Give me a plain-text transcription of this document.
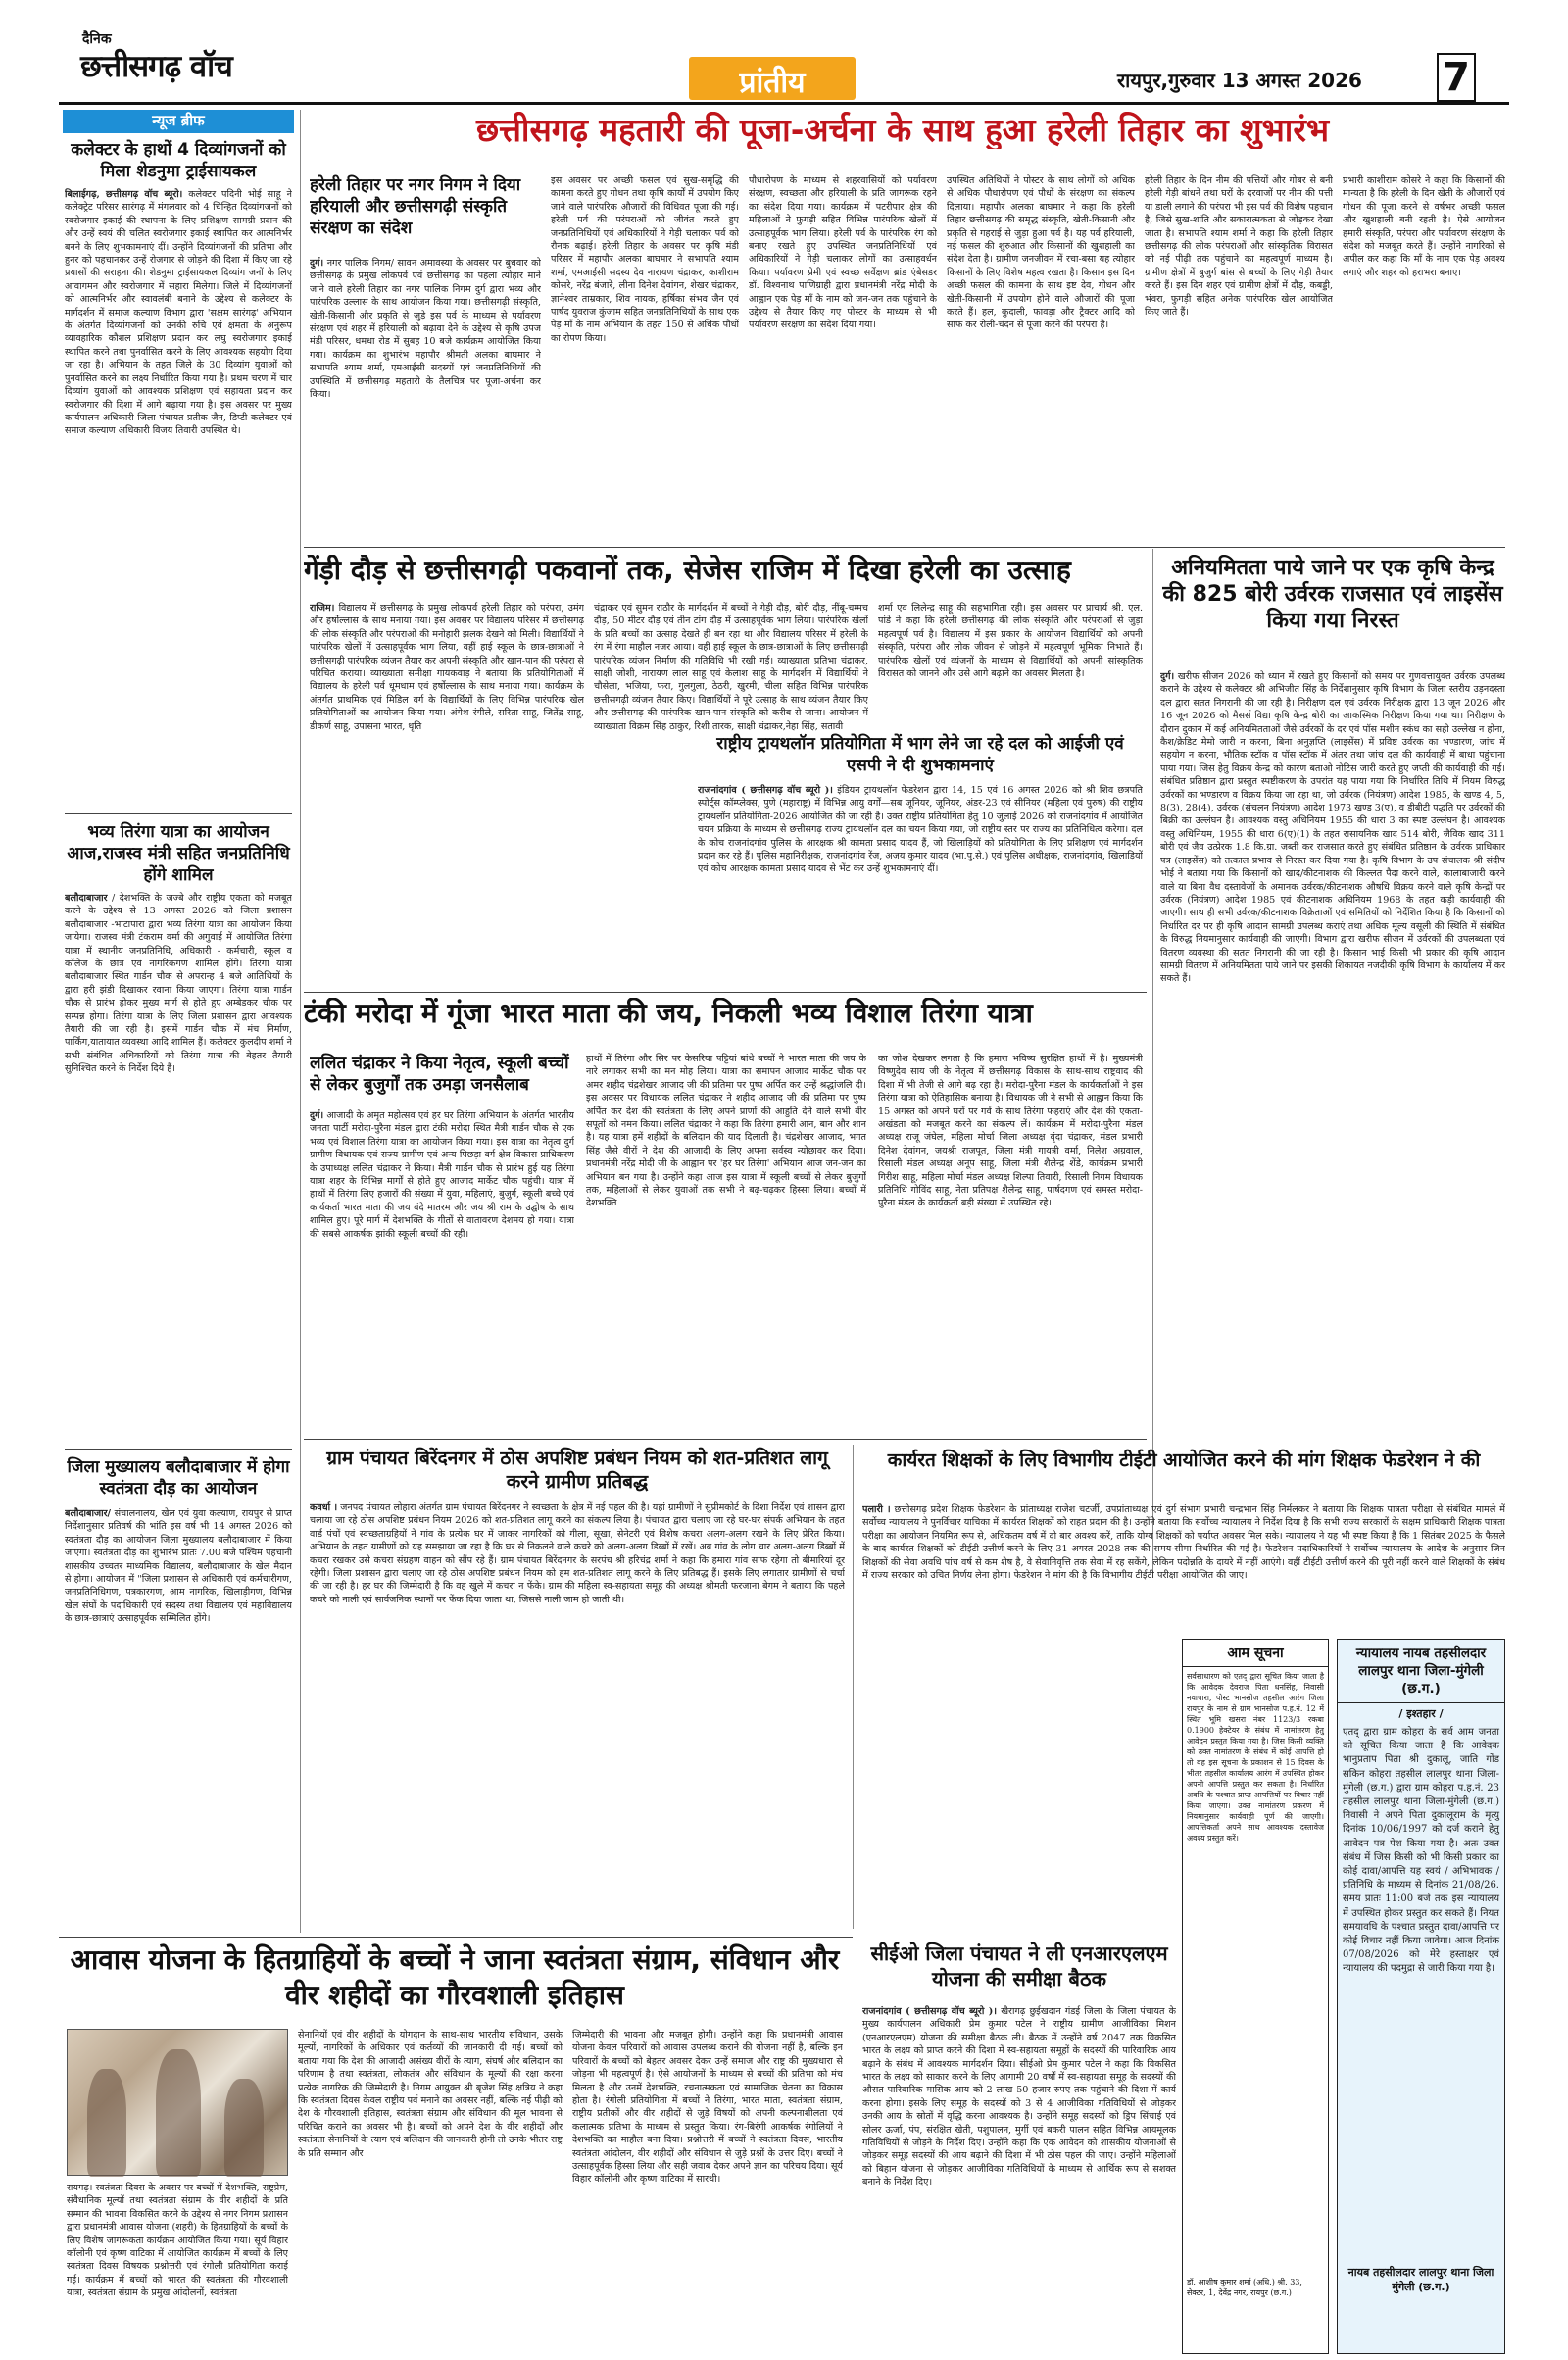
दैनिक
छत्तीसगढ़ वॉच	प्रांतीय	रायपुर,गुरुवार 13 अगस्त 2026 7
न्यूज ब्रीफ
कलेक्टर के हाथों 4 दिव्यांगजनों को मिला शेडनुमा ट्राईसायकल
बिलाईगढ़, छत्तीसगढ़ वॉच ब्यूरो। कलेक्टर पदिनी भोई साहू ने कलेक्ट्रेट परिसर सारंगढ़ में मंगलवार को 4 चिन्हित दिव्यांगजनों को स्वरोजगार इकाई की स्थापना के लिए प्रशिक्षण सामग्री प्रदान की और उन्हें स्वयं की चलित स्वरोजगार इकाई स्थापित कर आत्मनिर्भर बनने के लिए शुभकामनाएं दीं। उन्होंने दिव्यांगजनों की प्रतिभा और हुनर को पहचानकर उन्हें रोजगार से जोड़ने की दिशा में किए जा रहे प्रयासों की सराहना की। शेडनुमा ट्राईसायकल दिव्यांग जनों के लिए आवागमन और स्वरोजगार में सहारा मिलेगा। जिले में दिव्यांगजनों को आत्मनिर्भर और स्वावलंबी बनाने के उद्देश्य से कलेक्टर के मार्गदर्शन में समाज कल्याण विभाग द्वारा 'सक्षम सारंगढ़' अभियान के अंतर्गत दिव्यांगजनों को उनकी रुचि एवं क्षमता के अनुरूप व्यावहारिक कौशल प्रशिक्षण प्रदान कर लघु स्वरोजगार इकाई स्थापित करने तथा पुनर्वासित करने के लिए आवश्यक सहयोग दिया जा रहा है। अभियान के तहत जिले के 30 दिव्यांग युवाओं को पुनर्वासित करने का लक्ष्य निर्धारित किया गया है। प्रथम चरण में चार दिव्यांग युवाओं को आवश्यक प्रशिक्षण एवं सहायता प्रदान कर स्वरोजगार की दिशा में आगे बढ़ाया गया है। इस अवसर पर मुख्य कार्यपालन अधिकारी जिला पंचायत प्रतीक जैन, डिप्टी कलेक्टर एवं समाज कल्याण अधिकारी विजय तिवारी उपस्थित थे।
भव्य तिरंगा यात्रा का आयोजन आज,राजस्व मंत्री सहित जनप्रतिनिधि होंगे शामिल
बलौदाबाजार / देशभक्ति के जज्बे और राष्ट्रीय एकता को मजबूत करने के उद्देश्य से 13 अगस्त 2026 को जिला प्रशासन बलौदाबाजार -भाटापारा द्वारा भव्य तिरंगा यात्रा का आयोजन किया जायेगा। राजस्व मंत्री टंकराम वर्मा की अगुवाई में आयोजित तिरंगा यात्रा में स्थानीय जनप्रतिनिधि, अधिकारी - कर्मचारी, स्कूल व कॉलेज के छात्र एवं नागरिकगण शामिल होंगे। तिरंगा यात्रा बलौदाबाजार स्थित गार्डन चौक से अपरान्ह 4 बजे आतिथियों के द्वारा हरी झंडी दिखाकर रवाना किया जाएगा। तिरंगा यात्रा गार्डन चौक से प्रारंभ होकर मुख्य मार्ग से होते हुए अम्बेडकर चौक पर सम्पन्न होगा। तिरंगा यात्रा के लिए जिला प्रशासन द्वारा आवश्यक तैयारी की जा रही है। इसमें गार्डन चौक में मंच निर्माण, पार्किंग,यातायात व्यवस्था आदि शामिल हैं। कलेक्टर कुलदीप शर्मा ने सभी संबंधित अधिकारियों को तिरंगा यात्रा की बेहतर तैयारी सुनिश्चित करने के निर्देश दिये हैं।
जिला मुख्यालय बलौदाबाजार में होगा स्वतंत्रता दौड़ का आयोजन
बलौदाबाजार/ संचालनालय, खेल एवं युवा कल्याण, रायपुर से प्राप्त निर्देशानुसार प्रतिवर्ष की भांति इस वर्ष भी 14 अगस्त 2026 को स्वतंत्रता दौड़ का आयोजन जिला मुख्यालय बलौदाबाजार में किया जाएगा। स्वतंत्रता दौड़ का शुभारंभ प्रातः 7.00 बजे पश्चिम पहचानी शासकीय उच्चतर माध्यमिक विद्यालय, बलौदाबाजार के खेल मैदान से होगा। आयोजन में "जिला प्रशासन से अधिकारी एवं कर्मचारीगण, जनप्रतिनिधिगण, पत्रकारगण, आम नागरिक, खिलाड़ीगण, विभिन्न खेल संघों के पदाधिकारी एवं सदस्य तथा विद्यालय एवं महाविद्यालय के छात्र-छात्राएं उत्साहपूर्वक सम्मिलित होंगे।
छत्तीसगढ़ महतारी की पूजा-अर्चना के साथ हुआ हरेली तिहार का शुभारंभ
हरेली तिहार पर नगर निगम ने दिया हरियाली और छत्तीसगढ़ी संस्कृति संरक्षण का संदेश
दुर्ग। नगर पालिक निगम/ सावन अमावस्या के अवसर पर बुधवार को छत्तीसगढ़ के प्रमुख लोकपर्व एवं छत्तीसगढ़ का पहला त्योहार माने जाने वाले हरेली तिहार का नगर पालिक निगम दुर्ग द्वारा भव्य और पारंपरिक उल्लास के साथ आयोजन किया गया। छत्तीसगढ़ी संस्कृति, खेती-किसानी और प्रकृति से जुड़े इस पर्व के माध्यम से पर्यावरण संरक्षण एवं शहर में हरियाली को बढ़ावा देने के उद्देश्य से कृषि उपज मंडी परिसर, धमधा रोड में सुबह 10 बजे कार्यक्रम आयोजित किया गया। कार्यक्रम का शुभारंभ महापौर श्रीमती अलका बाघमार ने सभापति श्याम शर्मा, एमआईसी सदस्यों एवं जनप्रतिनिधियों की उपस्थिति में छत्तीसगढ़ महतारी के तैलचित्र पर पूजा-अर्चना कर किया।
इस अवसर पर अच्छी फसल एवं सुख-समृद्धि की कामना करते हुए गोधन तथा कृषि कार्यों में उपयोग किए जाने वाले पारंपरिक औजारों की विधिवत पूजा की गई। हरेली पर्व की परंपराओं को जीवंत करते हुए जनप्रतिनिधियों एवं अधिकारियों ने गेड़ी चलाकर पर्व को रौनक बढ़ाई। हरेली तिहार के अवसर पर कृषि मंडी परिसर में महापौर अलका बाघमार ने सभापति श्याम शर्मा, एमआईसी सदस्य देव नारायण चंद्राकर, काशीराम कोसरे, नरेंद्र बंजारे, लीना दिनेश देवांगन, शेखर चंद्राकर, ज्ञानेश्वर ताम्रकार, शिव नायक, हर्षिका संभव जैन एवं पार्षद युवराज कुंजाम सहित जनप्रतिनिधियों के साथ एक पेड़ माँ के नाम अभियान के तहत 150 से अधिक पौधों का रोपण किया।
पौधारोपण के माध्यम से शहरवासियों को पर्यावरण संरक्षण, स्वच्छता और हरियाली के प्रति जागरूक रहने का संदेश दिया गया। कार्यक्रम में पटरीपार क्षेत्र की महिलाओं ने फुगड़ी सहित विभिन्न पारंपरिक खेलों में उत्साहपूर्वक भाग लिया। हरेली पर्व के पारंपरिक रंग को बनाए रखते हुए उपस्थित जनप्रतिनिधियों एवं अधिकारियों ने गेड़ी चलाकर लोगों का उत्साहवर्धन किया। पर्यावरण प्रेमी एवं स्वच्छ सर्वेक्षण ब्रांड एंबेसडर डॉ. विश्वनाथ पाणिग्राही द्वारा प्रधानमंत्री नरेंद्र मोदी के आह्वान एक पेड़ माँ के नाम को जन-जन तक पहुंचाने के उद्देश्य से तैयार किए गए पोस्टर के माध्यम से भी पर्यावरण संरक्षण का संदेश दिया गया।
उपस्थित अतिथियों ने पोस्टर के साथ लोगों को अधिक से अधिक पौधारोपण एवं पौधों के संरक्षण का संकल्प दिलाया। महापौर अलका बाघमार ने कहा कि हरेली तिहार छत्तीसगढ़ की समृद्ध संस्कृति, खेती-किसानी और प्रकृति से गहराई से जुड़ा हुआ पर्व है। यह पर्व हरियाली, नई फसल की शुरुआत और किसानों की खुशहाली का संदेश देता है। ग्रामीण जनजीवन में रचा-बसा यह त्योहार किसानों के लिए विशेष महत्व रखता है। किसान इस दिन अच्छी फसल की कामना के साथ इष्ट देव, गोधन और खेती-किसानी में उपयोग होने वाले औजारों की पूजा करते हैं। हल, कुदाली, फावड़ा और ट्रैक्टर आदि को साफ कर रोली-चंदन से पूजा करने की परंपरा है।
हरेली तिहार के दिन नीम की पत्तियों और गोबर से बनी हरेली गेड़ी बांधने तथा घरों के दरवाजों पर नीम की पत्ती या डाली लगाने की परंपरा भी इस पर्व की विशेष पहचान है, जिसे सुख-शांति और सकारात्मकता से जोड़कर देखा जाता है। सभापति श्याम शर्मा ने कहा कि हरेली तिहार छत्तीसगढ़ की लोक परंपराओं और सांस्कृतिक विरासत को नई पीढ़ी तक पहुंचाने का महत्वपूर्ण माध्यम है। ग्रामीण क्षेत्रों में बुजुर्ग बांस से बच्चों के लिए गेड़ी तैयार करते हैं। इस दिन शहर एवं ग्रामीण क्षेत्रों में दौड़, कबड्डी, भंवरा, फुगड़ी सहित अनेक पारंपरिक खेल आयोजित किए जाते हैं।
प्रभारी काशीराम कोसरे ने कहा कि किसानों की मान्यता है कि हरेली के दिन खेती के औजारों एवं गोधन की पूजा करने से वर्षभर अच्छी फसल और खुशहाली बनी रहती है। ऐसे आयोजन हमारी संस्कृति, परंपरा और पर्यावरण संरक्षण के संदेश को मजबूत करते हैं। उन्होंने नागरिकों से अपील कर कहा कि माँ के नाम एक पेड़ अवश्य लगाएं और शहर को हराभरा बनाए।
गेंड़ी दौड़ से छत्तीसगढ़ी पकवानों तक, सेजेस राजिम में दिखा हरेली का उत्साह
राजिम। विद्यालय में छत्तीसगढ़ के प्रमुख लोकपर्व हरेली तिहार को परंपरा, उमंग और हर्षोल्लास के साथ मनाया गया। इस अवसर पर विद्यालय परिसर में छत्तीसगढ़ की लोक संस्कृति और परंपराओं की मनोहारी झलक देखने को मिली। विद्यार्थियों ने पारंपरिक खेलों में उत्साहपूर्वक भाग लिया, वहीं हाई स्कूल के छात्र-छात्राओं ने छत्तीसगढ़ी पारंपरिक व्यंजन तैयार कर अपनी संस्कृति और खान-पान की परंपरा से परिचित कराया। व्याख्याता समीक्षा गायकवाड़ ने बताया कि प्रतियोगिताओं में विद्यालय के हरेली पर्व धूमधाम एवं हर्षोल्लास के साथ मनाया गया। कार्यक्रम के अंतर्गत प्राथमिक एवं मिडिल वर्ग के विद्यार्थियों के लिए विभिन्न पारंपरिक खेल प्रतियोगिताओं का आयोजन किया गया। अंगेश रंगीले, सरिता साहू, जितेंद्र साहू, डीकर्ण साहू, उपासना भारत, धृति
चंद्राकर एवं सुमन राठौर के मार्गदर्शन में बच्चों ने गेड़ी दौड़, बोरी दौड़, नींबू-चम्मच दौड़, 50 मीटर दौड़ एवं तीन टांग दौड़ में उत्साहपूर्वक भाग लिया। पारंपरिक खेलों के प्रति बच्चों का उत्साह देखते ही बन रहा था और विद्यालय परिसर में हरेली के रंग में रंगा माहौल नजर आया। वहीं हाई स्कूल के छात्र-छात्राओं के लिए छत्तीसगढ़ी पारंपरिक व्यंजन निर्माण की गतिविधि भी रखी गई। व्याख्याता प्रतिभा चंद्राकर, साक्षी जोशी, नारायण लाल साहू एवं केलाश साहू के मार्गदर्शन में विद्यार्थियों ने चौसेला, भजिया, फरा, गुलगुला, ठेठरी, खुरमी, चीला सहित विभिन्न पारंपरिक छत्तीसगढ़ी व्यंजन तैयार किए। विद्यार्थियों ने पूरे उत्साह के साथ व्यंजन तैयार किए और छत्तीसगढ़ की पारंपरिक खान-पान संस्कृति को करीब से जाना। आयोजन में व्याख्याता विक्रम सिंह ठाकुर, रिशी तारक, साक्षी चंद्राकर,नेहा सिंह, सतावी
शर्मा एवं लिलेन्द्र साहू की सहभागिता रही। इस अवसर पर प्राचार्य श्री. एल. पांडे ने कहा कि हरेली छत्तीसगढ़ की लोक संस्कृति और परंपराओं से जुड़ा महत्वपूर्ण पर्व है। विद्यालय में इस प्रकार के आयोजन विद्यार्थियों को अपनी संस्कृति, परंपरा और लोक जीवन से जोड़ने में महत्वपूर्ण भूमिका निभाते हैं। पारंपरिक खेलों एवं व्यंजनों के माध्यम से विद्यार्थियों को अपनी सांस्कृतिक विरासत को जानने और उसे आगे बढ़ाने का अवसर मिलता है।
राष्ट्रीय ट्रायथलॉन प्रतियोगिता में भाग लेने जा रहे दल को आईजी एवं एसपी ने दी शुभकामनाएं
राजनांदगांव ( छत्तीसगढ़ वॉच ब्यूरो )। इंडियन ट्रायथलॉन फेडरेशन द्वारा 14, 15 एवं 16 अगस्त 2026 को श्री शिव छत्रपति स्पोर्ट्स कॉम्प्लेक्स, पुणे (महाराष्ट्र) में विभिन्न आयु वर्गों—सब जूनियर, जूनियर, अंडर-23 एवं सीनियर (महिला एवं पुरुष) की राष्ट्रीय ट्रायथलॉन प्रतियोगिता-2026 आयोजित की जा रही है। उक्त राष्ट्रीय प्रतियोगिता हेतु 10 जुलाई 2026 को राजनांदगांव में आयोजित चयन प्रक्रिया के माध्यम से छत्तीसगढ़ राज्य ट्रायथलॉन दल का चयन किया गया, जो राष्ट्रीय स्तर पर राज्य का प्रतिनिधित्व करेगा। दल के कोच राजनांदगांव पुलिस के आरक्षक श्री कामता प्रसाद यादव हैं, जो खिलाड़ियों को प्रतियोगिता के लिए प्रशिक्षण एवं मार्गदर्शन प्रदान कर रहे हैं। पुलिस महानिरीक्षक, राजनांदगांव रेंज, अजय कुमार यादव (भा.पु.से.) एवं पुलिस अधीक्षक, राजनांदगांव, खिलाड़ियों एवं कोच आरक्षक कामता प्रसाद यादव से भेंट कर उन्हें शुभकामनाएं दीं।
अनियमितता पाये जाने पर एक कृषि केन्द्र की 825 बोरी उर्वरक राजसात एवं लाइसेंस किया गया निरस्त
दुर्ग। खरीफ सीजन 2026 को ध्यान में रखते हुए किसानों को समय पर गुणवत्तायुक्त उर्वरक उपलब्ध कराने के उद्देश्य से कलेक्टर श्री अभिजीत सिंह के निर्देशानुसार कृषि विभाग के जिला स्तरीय उड़नदस्ता दल द्वारा सतत निगरानी की जा रही है। निरीक्षण दल एवं उर्वरक निरीक्षक द्वारा 13 जून 2026 और 16 जून 2026 को मैसर्स विद्या कृषि केन्द्र बोरी का आकस्मिक निरीक्षण किया गया था। निरीक्षण के दौरान दुकान में कई अनियमितताओं जैसे उर्वरकों के दर एवं पॉस मशीन स्कंध का सही उल्लेख न होना, कैश/क्रेडिट मेमो जारी न करना, बिना अनुज्ञप्ति (लाइसेंस) में प्रविष्ट उर्वरक का भण्डारण, जांच में सहयोग न करना, भौतिक स्टॉक व पॉस स्टॉक में अंतर तथा जांच दल की कार्यवाही में बाधा पहुंचाना पाया गया। जिस हेतु विक्रय केन्द्र को कारण बताओ नोटिस जारी करते हुए जप्ती की कार्यवाही की गई। संबंधित प्रतिष्ठान द्वारा प्रस्तुत स्पष्टीकरण के उपरांत यह पाया गया कि निर्धारित तिथि में नियम विरुद्ध उर्वरकों का भण्डारण व विक्रय किया जा रहा था, जो उर्वरक (नियंत्रण) आदेश 1985, के खण्ड 4, 5, 8(3), 28(4), उर्वरक (संचलन नियंत्रण) आदेश 1973 खण्ड 3(ए), व डीबीटी पद्धति पर उर्वरकों की बिक्री का उल्लंघन है। आवश्यक वस्तु अधिनियम 1955 की धारा 3 का स्पष्ट उल्लंघन है। आवश्यक वस्तु अधिनियम, 1955 की धारा 6(ए)(1) के तहत रासायनिक खाद 514 बोरी, जैविक खाद 311 बोरी एवं जैव उत्प्रेरक 1.8 कि.ग्रा. जब्ती कर राजसात करते हुए संबंधित प्रतिष्ठान के उर्वरक प्राधिकार पत्र (लाइसेंस) को तत्काल प्रभाव से निरस्त कर दिया गया है। कृषि विभाग के उप संचालक श्री संदीप भोई ने बताया गया कि किसानों को खाद/कीटनाशक की किल्लत पैदा करने वाले, कालाबाजारी करने वाले या बिना वैध दस्तावेजों के अमानक उर्वरक/कीटनाशक औषधि विक्रय करने वाले कृषि केन्द्रों पर उर्वरक (नियंत्रण) आदेश 1985 एवं कीटनाशक अधिनियम 1968 के तहत कड़ी कार्यवाही की जाएगी। साथ ही सभी उर्वरक/कीटनाशक विक्रेताओं एवं समितियों को निर्देशित किया है कि किसानों को निर्धारित दर पर ही कृषि आदान सामग्री उपलब्ध कराएं तथा अधिक मूल्य वसूली की स्थिति में संबंधित के विरुद्ध नियमानुसार कार्यवाही की जाएगी। विभाग द्वारा खरीफ सीजन में उर्वरकों की उपलब्धता एवं वितरण व्यवस्था की सतत निगरानी की जा रही है। किसान भाई किसी भी प्रकार की कृषि आदान सामग्री वितरण में अनियमितता पाये जाने पर इसकी शिकायत नजदीकी कृषि विभाग के कार्यालय में कर सकते हैं।
टंकी मरोदा में गूंजा भारत माता की जय, निकली भव्य विशाल तिरंगा यात्रा
ललित चंद्राकर ने किया नेतृत्व, स्कूली बच्चों से लेकर बुजुर्गों तक उमड़ा जनसैलाब
दुर्ग। आजादी के अमृत महोत्सव एवं हर घर तिरंगा अभियान के अंतर्गत भारतीय जनता पार्टी मरोदा-पुरैना मंडल द्वारा टंकी मरोदा स्थित मैत्री गार्डन चौक से एक भव्य एवं विशाल तिरंगा यात्रा का आयोजन किया गया। इस यात्रा का नेतृत्व दुर्ग ग्रामीण विधायक एवं राज्य ग्रामीण एवं अन्य पिछड़ा वर्ग क्षेत्र विकास प्राधिकरण के उपाध्यक्ष ललित चंद्राकर ने किया। मैत्री गार्डन चौक से प्रारंभ हुई यह तिरंगा यात्रा शहर के विभिन्न मार्गों से होते हुए आजाद मार्केट चौक पहुंची। यात्रा में हाथों में तिरंगा लिए हजारों की संख्या में युवा, महिलाएं, बुजुर्ग, स्कूली बच्चे एवं कार्यकर्ता भारत माता की जय वंदे मातरम और जय श्री राम के उद्घोष के साथ शामिल हुए। पूरे मार्ग में देशभक्ति के गीतों से वातावरण देशमय हो गया। यात्रा की सबसे आकर्षक झांकी स्कूली बच्चों की रही।
हाथों में तिरंगा और सिर पर केसरिया पट्टियां बांधे बच्चों ने भारत माता की जय के नारे लगाकर सभी का मन मोह लिया। यात्रा का समापन आजाद मार्केट चौक पर अमर शहीद चंद्रशेखर आजाद जी की प्रतिमा पर पुष्प अर्पित कर उन्हें श्रद्धांजलि दी। इस अवसर पर विधायक ललित चंद्राकर ने शहीद आजाद जी की प्रतिमा पर पुष्प अर्पित कर देश की स्वतंत्रता के लिए अपने प्राणों की आहुति देने वाले सभी वीर सपूतों को नमन किया। ललित चंद्राकर ने कहा कि तिरंगा हमारी आन, बान और शान है। यह यात्रा हमें शहीदों के बलिदान की याद दिलाती है। चंद्रशेखर आजाद, भगत सिंह जैसे वीरों ने देश की आजादी के लिए अपना सर्वस्व न्योछावर कर दिया। प्रधानमंत्री नरेंद्र मोदी जी के आह्वान पर 'हर घर तिरंगा' अभियान आज जन-जन का अभियान बन गया है। उन्होंने कहा आज इस यात्रा में स्कूली बच्चों से लेकर बुजुर्गों तक, महिलाओं से लेकर युवाओं तक सभी ने बढ़-चढ़कर हिस्सा लिया। बच्चों में देशभक्ति
का जोश देखकर लगता है कि हमारा भविष्य सुरक्षित हाथों में है। मुख्यमंत्री विष्णुदेव साय जी के नेतृत्व में छत्तीसगढ़ विकास के साथ-साथ राष्ट्रवाद की दिशा में भी तेजी से आगे बढ़ रहा है। मरोदा-पुरैना मंडल के कार्यकर्ताओं ने इस तिरंगा यात्रा को ऐतिहासिक बनाया है। विधायक जी ने सभी से आह्वान किया कि 15 अगस्त को अपने घरों पर गर्व के साथ तिरंगा फहराएं और देश की एकता-अखंडता को मजबूत करने का संकल्प लें। कार्यक्रम में मरोदा-पुरैना मंडल अध्यक्ष राजू जंघेल, महिला मोर्चा जिला अध्यक्ष वृंदा चंद्राकर, मंडल प्रभारी दिनेश देवांगन, जयश्री राजपूत, जिला मंत्री गायत्री वर्मा, निलेश अग्रवाल, रिसाली मंडल अध्यक्ष अनूप साहू, जिला मंत्री शैलेन्द्र शेंडे, कार्यक्रम प्रभारी गिरीश साहू, महिला मोर्चा मंडल अध्यक्ष शिल्पा तिवारी, रिसाली निगम विधायक प्रतिनिधि गोविंद साहू, नेता प्रतिपक्ष शैलेन्द्र साहू, पार्षदगण एवं समस्त मरोदा-पुरैना मंडल के कार्यकर्ता बड़ी संख्या में उपस्थित रहे।
ग्राम पंचायत बिरेंदनगर में ठोस अपशिष्ट प्रबंधन नियम को शत-प्रतिशत लागू करने ग्रामीण प्रतिबद्ध
कवर्धा । जनपद पंचायत लोहारा अंतर्गत ग्राम पंचायत बिरेंदनगर ने स्वच्छता के क्षेत्र में नई पहल की है। यहां ग्रामीणों ने सुप्रीमकोर्ट के दिशा निर्देश एवं शासन द्वारा चलाया जा रहे ठोस अपशिष्ट प्रबंधन नियम 2026 को शत-प्रतिशत लागू करने का संकल्प लिया है। पंचायत द्वारा चलाए जा रहे घर-घर संपर्क अभियान के तहत वार्ड पंचों एवं स्वच्छताग्रहियों ने गांव के प्रत्येक घर में जाकर नागरिकों को गीला, सूखा, सेनेटरी एवं विशेष कचरा अलग-अलग रखने के लिए प्रेरित किया। अभियान के तहत ग्रामीणों को यह समझाया जा रहा है कि घर से निकलने वाले कचरे को अलग-अलग डिब्बों में रखें। अब गांव के लोग चार अलग-अलग डिब्बों में कचरा रखकर उसे कचरा संग्रहण वाहन को सौंप रहे हैं। ग्राम पंचायत बिरेंदनगर के सरपंच श्री हरिचंद्र शर्मा ने कहा कि हमारा गांव साफ रहेगा तो बीमारियां दूर रहेंगी। जिला प्रशासन द्वारा चलाए जा रहे ठोस अपशिष्ट प्रबंधन नियम को हम शत-प्रतिशत लागू करने के लिए प्रतिबद्ध हैं। इसके लिए लगातार ग्रामीणों से चर्चा की जा रही है। हर घर की जिम्मेदारी है कि वह खुले में कचरा न फेंके। ग्राम की महिला स्व-सहायता समूह की अध्यक्ष श्रीमती फरजाना बेगम ने बताया कि पहले कचरे को नाली एवं सार्वजनिक स्थानों पर फेंक दिया जाता था, जिससे नाली जाम हो जाती थी।
कार्यरत शिक्षकों के लिए विभागीय टीईटी आयोजित करने की मांग शिक्षक फेडरेशन ने की
पलारी । छत्तीसगढ़ प्रदेश शिक्षक फेडरेशन के प्रांताध्यक्ष राजेश चटर्जी, उपप्रांताध्यक्ष एवं दुर्ग संभाग प्रभारी चन्द्रभान सिंह निर्मलकर ने बताया कि शिक्षक पात्रता परीक्षा से संबंधित मामले में सर्वोच्च न्यायालय ने पुनर्विचार याचिका में कार्यरत शिक्षकों को राहत प्रदान की है। उन्होंने बताया कि सर्वोच्च न्यायालय ने निर्देश दिया है कि सभी राज्य सरकारों के सक्षम प्राधिकारी शिक्षक पात्रता परीक्षा का आयोजन नियमित रूप से, अधिकतम वर्ष में दो बार अवश्य करें, ताकि योग्य शिक्षकों को पर्याप्त अवसर मिल सके। न्यायालय ने यह भी स्पष्ट किया है कि 1 सितंबर 2025 के फैसले के बाद कार्यरत शिक्षकों को टीईटी उत्तीर्ण करने के लिए 31 अगस्त 2028 तक की समय-सीमा निर्धारित की गई है। फेडरेशन पदाधिकारियों ने सर्वोच्च न्यायालय के आदेश के अनुसार जिन शिक्षकों की सेवा अवधि पांच वर्ष से कम शेष है, वे सेवानिवृत्ति तक सेवा में रह सकेंगे, लेकिन पदोन्नति के दायरे में नहीं आएंगे। वहीं टीईटी उत्तीर्ण करने की पूरी नहीं करने वाले शिक्षकों के संबंध में राज्य सरकार को उचित निर्णय लेना होगा। फेडरेशन ने मांग की है कि विभागीय टीईटी परीक्षा आयोजित की जाए।
आवास योजना के हितग्राहियों के बच्चों ने जाना स्वतंत्रता संग्राम, संविधान और वीर शहीदों का गौरवशाली इतिहास
रायगढ़। स्वतंत्रता दिवस के अवसर पर बच्चों में देशभक्ति, राष्ट्रप्रेम, संवैधानिक मूल्यों तथा स्वतंत्रता संग्राम के वीर शहीदों के प्रति सम्मान की भावना विकसित करने के उद्देश्य से नगर निगम प्रशासन द्वारा प्रधानमंत्री आवास योजना (शहरी) के हितग्राहियों के बच्चों के लिए विशेष जागरूकता कार्यक्रम आयोजित किया गया। सूर्य विहार कॉलोनी एवं कृष्ण वाटिका में आयोजित कार्यक्रम में बच्चों के लिए स्वतंत्रता दिवस विषयक प्रश्नोत्तरी एवं रंगोली प्रतियोगिता कराई गई। कार्यक्रम में बच्चों को भारत की स्वतंत्रता की गौरवशाली यात्रा, स्वतंत्रता संग्राम के प्रमुख आंदोलनों, स्वतंत्रता
सेनानियों एवं वीर शहीदों के योगदान के साथ-साथ भारतीय संविधान, उसके मूल्यों, नागरिकों के अधिकार एवं कर्तव्यों की जानकारी दी गई। बच्चों को बताया गया कि देश की आजादी असंख्य वीरों के त्याग, संघर्ष और बलिदान का परिणाम है तथा स्वतंत्रता, लोकतंत्र और संविधान के मूल्यों की रक्षा करना प्रत्येक नागरिक की जिम्मेदारी है। निगम आयुक्त श्री बृजेश सिंह क्षत्रिय ने कहा कि स्वतंत्रता दिवस केवल राष्ट्रीय पर्व मनाने का अवसर नहीं, बल्कि नई पीढ़ी को देश के गौरवशाली इतिहास, स्वतंत्रता संग्राम और संविधान की मूल भावना से परिचित कराने का अवसर भी है। बच्चों को अपने देश के वीर शहीदों और स्वतंत्रता सेनानियों के त्याग एवं बलिदान की जानकारी होनी तो उनके भीतर राष्ट्र के प्रति सम्मान और
जिम्मेदारी की भावना और मजबूत होगी। उन्होंने कहा कि प्रधानमंत्री आवास योजना केवल परिवारों को आवास उपलब्ध कराने की योजना नहीं है, बल्कि इन परिवारों के बच्चों को बेहतर अवसर देकर उन्हें समाज और राष्ट्र की मुख्यधारा से जोड़ना भी महत्वपूर्ण है। ऐसे आयोजनों के माध्यम से बच्चों की प्रतिभा को मंच मिलता है और उनमें देशभक्ति, रचनात्मकता एवं सामाजिक चेतना का विकास होता है। रंगोली प्रतियोगिता में बच्चों ने तिरंगा, भारत माता, स्वतंत्रता संग्राम, राष्ट्रीय प्रतीकों और वीर शहीदों से जुड़े विषयों को अपनी कल्पनाशीलता एवं कलात्मक प्रतिभा के माध्यम से प्रस्तुत किया। रंग-बिरंगी आकर्षक रंगोलियों ने देशभक्ति का माहौल बना दिया। प्रश्नोत्तरी में बच्चों ने स्वतंत्रता दिवस, भारतीय स्वतंत्रता आंदोलन, वीर शहीदों और संविधान से जुड़े प्रश्नों के उत्तर दिए। बच्चों ने उत्साहपूर्वक हिस्सा लिया और सही जवाब देकर अपने ज्ञान का परिचय दिया। सूर्य विहार कॉलोनी और कृष्ण वाटिका में सारथी।
सीईओ जिला पंचायत ने ली एनआरएलएम योजना की समीक्षा बैठक
राजनांदगांव ( छत्तीसगढ़ वॉच ब्यूरो )। खैरागढ़ छुईखदान गंडई जिला के जिला पंचायत के मुख्य कार्यपालन अधिकारी प्रेम कुमार पटेल ने राष्ट्रीय ग्रामीण आजीविका मिशन (एनआरएलएम) योजना की समीक्षा बैठक ली। बैठक में उन्होंने वर्ष 2047 तक विकसित भारत के लक्ष्य को प्राप्त करने की दिशा में स्व-सहायता समूहों के सदस्यों की पारिवारिक आय बढ़ाने के संबंध में आवश्यक मार्गदर्शन दिया। सीईओ प्रेम कुमार पटेल ने कहा कि विकसित भारत के लक्ष्य को साकार करने के लिए आगामी 20 वर्षों में स्व-सहायता समूह के सदस्यों की औसत पारिवारिक मासिक आय को 2 लाख 50 हजार रुपए तक पहुंचाने की दिशा में कार्य करना होगा। इसके लिए समूह के सदस्यों को 3 से 4 आजीविका गतिविधियों से जोड़कर उनकी आय के स्रोतों में वृद्धि करना आवश्यक है। उन्होंने समूह सदस्यों को ड्रिप सिंचाई एवं सोलर ऊर्जा, पंप, संरक्षित खेती, पशुपालन, मुर्गी एवं बकरी पालन सहित विभिन्न आयमूलक गतिविधियों से जोड़ने के निर्देश दिए। उन्होंने कहा कि एक आवेदन को शासकीय योजनाओं से जोड़कर समूह सदस्यों की आय बढ़ाने की दिशा में भी ठोस पहल की जाए। उन्होंने महिलाओं को बिहान योजना से जोड़कर आजीविका गतिविधियों के माध्यम से आर्थिक रूप से सशक्त बनाने के निर्देश दिए।
आम सूचना
सर्वसाधारण को एतद् द्वारा सूचित किया जाता है कि आवेदक देवराज पिता धनसिंह, निवासी नवापारा, पोस्ट भानसोज तहसील आरंग जिला रायपुर के नाम से ग्राम भानसोज प.ह.नं. 12 में स्थित भूमि खसरा नंबर 1123/3 रकबा 0.1900 हेक्टेयर के संबंध में नामांतरण हेतु आवेदन प्रस्तुत किया गया है। जिस किसी व्यक्ति को उक्त नामांतरण के संबंध में कोई आपत्ति हो तो वह इस सूचना के प्रकाशन से 15 दिवस के भीतर तहसील कार्यालय आरंग में उपस्थित होकर अपनी आपत्ति प्रस्तुत कर सकता है। निर्धारित अवधि के पश्चात प्राप्त आपत्तियों पर विचार नहीं किया जाएगा। उक्त नामांतरण प्रकरण में नियमानुसार कार्यवाही पूर्ण की जाएगी। आपत्तिकर्ता अपने साथ आवश्यक दस्तावेज अवश्य प्रस्तुत करें।
डॉ. आशीष कुमार शर्मा (अधि.) श्री. 33, सेक्टर, 1, देवेंद्र नगर, रायपुर (छ.ग.)
न्यायालय नायब तहसीलदार लालपुर थाना जिला-मुंगेली (छ.ग.)
/ इश्तहार /
एतद् द्वारा ग्राम कोहरा के सर्व आम जनता को सूचित किया जाता है कि आवेदक भानुप्रताप पिता श्री दुकालू, जाति गोंड सकिन कोहरा तहसील लालपुर थाना जिला-मुंगेली (छ.ग.) द्वारा ग्राम कोहरा प.ह.नं. 23 तहसील लालपुर थाना जिला-मुंगेली (छ.ग.) निवासी ने अपने पिता दुकालूराम के मृत्यु दिनांक 10/06/1997 को दर्ज कराने हेतु आवेदन पत्र पेश किया गया है। अतः उक्त संबंध में जिस किसी को भी किसी प्रकार का कोई दावा/आपत्ति यह स्वयं / अभिभावक / प्रतिनिधि के माध्यम से दिनांक 21/08/26. समय प्रातः 11:00 बजे तक इस न्यायालय में उपस्थित होकर प्रस्तुत कर सकते हैं। नियत समयावधि के पश्चात प्रस्तुत दावा/आपत्ति पर कोई विचार नहीं किया जावेगा। आज दिनांक 07/08/2026 को मेरे हस्ताक्षर एवं न्यायालय की पदमुद्रा से जारी किया गया है।
नायब तहसीलदार लालपुर थाना जिला मुंगेली (छ.ग.)
